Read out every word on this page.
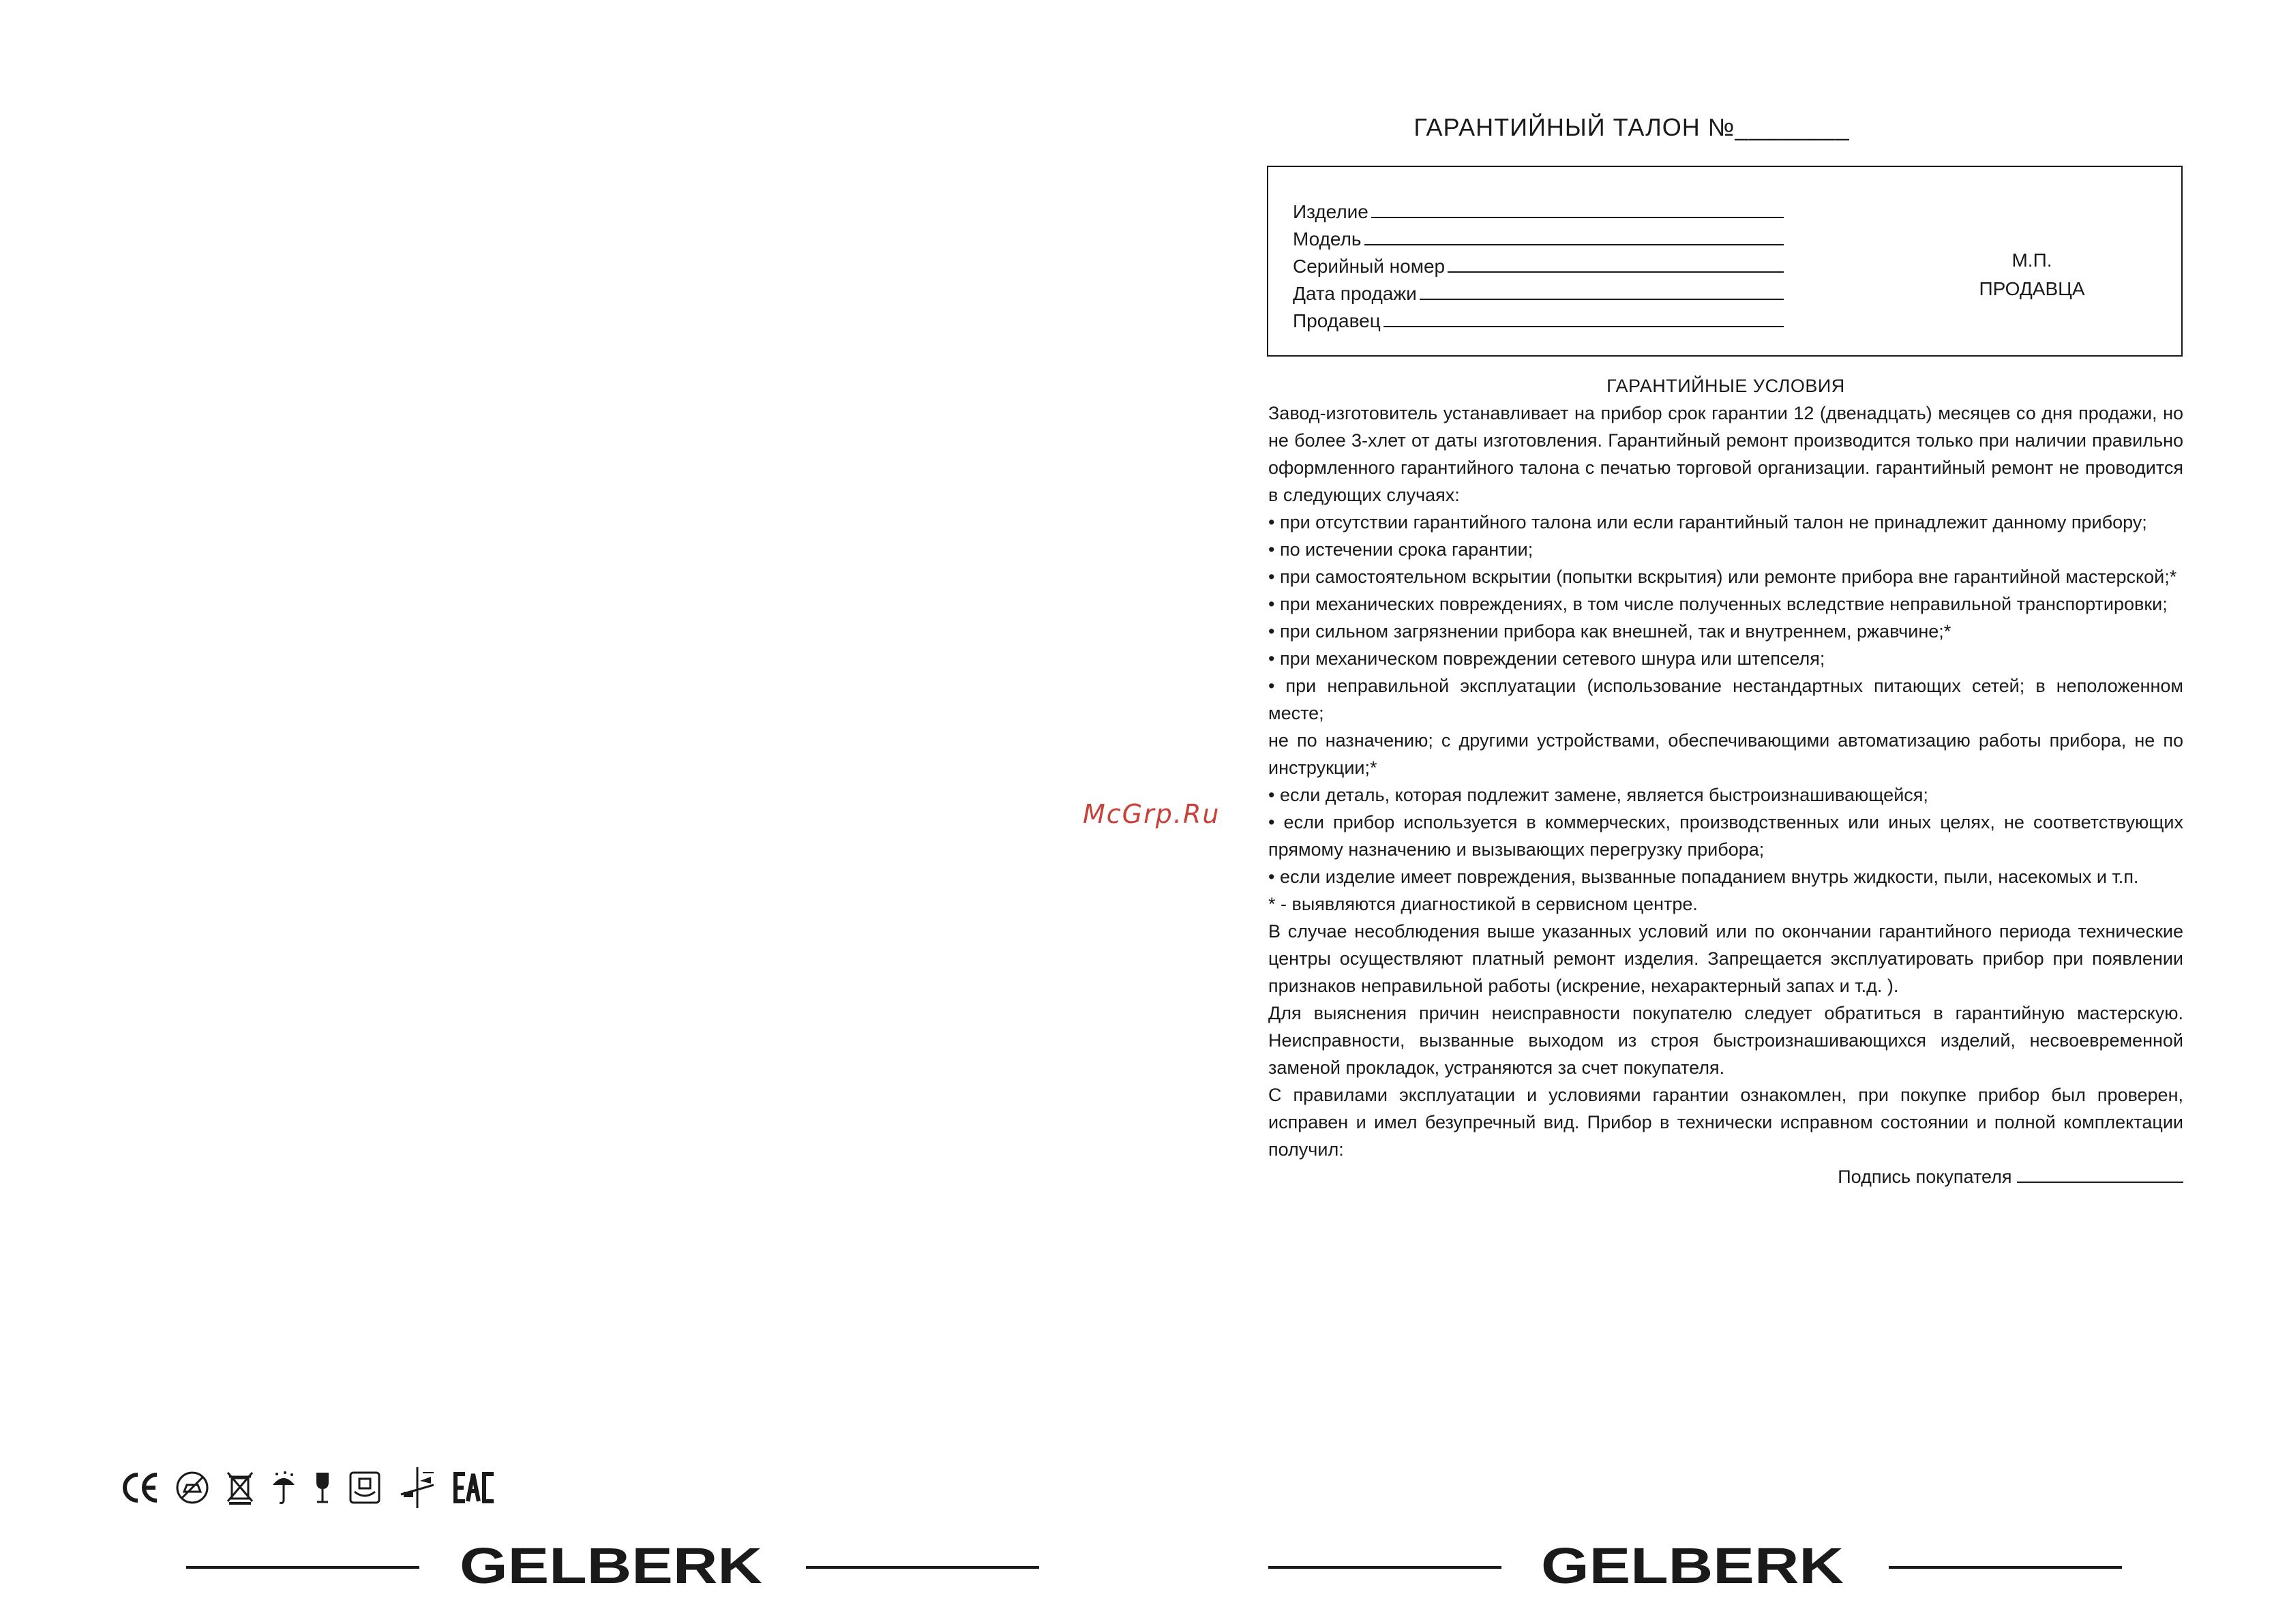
GELBERK
McGrp.Ru
ГАРАНТИЙНЫЙ ТАЛОН №________
Изделие
Модель
Серийный номер
Дата продажи
Продавец
М.П.
ПРОДАВЦА
ГАРАНТИЙНЫЕ УСЛОВИЯ

Завод-изготовитель устанавливает на прибор срок гарантии 12 (двенадцать) месяцев со дня продажи, но не более 3-хлет от даты изготовления. Гарантийный ремонт производится только при наличии правильно оформленного гарантийного талона с печатью торговой организации. гарантийный ремонт не проводится в следующих случаях:

• при отсутствии гарантийного талона или если гарантийный талон не принадлежит данному прибору;

• по истечении срока гарантии;

• при самостоятельном вскрытии (попытки вскрытия) или ремонте прибора вне гарантийной мастерской;*

• при механических повреждениях, в том числе полученных вследствие неправильной транспортировки;

• при сильном загрязнении прибора как внешней, так и внутреннем, ржавчине;*

• при механическом повреждении сетевого шнура или штепселя;

• при неправильной эксплуатации (использование нестандартных питающих сетей; в неположенном месте;

не по назначению; с другими устройствами, обеспечивающими автоматизацию работы прибора, не по инструкции;*

• если деталь, которая подлежит замене, является быстроизнашивающейся;

• если прибор используется в коммерческих, производственных или иных целях, не соответствующих прямому назначению и вызывающих перегрузку прибора;

• если изделие имеет повреждения, вызванные попаданием внутрь жидкости, пыли, насекомых и т.п.

* - выявляются диагностикой в сервисном центре.

В случае несоблюдения выше указанных условий или по окончании гарантийного периода технические центры осуществляют платный ремонт изделия. Запрещается эксплуатировать прибор при появлении признаков неправильной работы (искрение, нехарактерный запах и т.д. ).

Для выяснения причин неисправности покупателю следует обратиться в гарантийную мастерскую. Неисправности, вызванные выходом из строя быстроизнашивающихся изделий, несвоевременной заменой прокладок, устраняются за счет покупателя.

С правилами эксплуатации и условиями гарантии ознакомлен, при покупке прибор был проверен, исправен и имел безупречный вид. Прибор в технически исправном состоянии и полной комплектации получил:

Подпись покупателя
GELBERK
